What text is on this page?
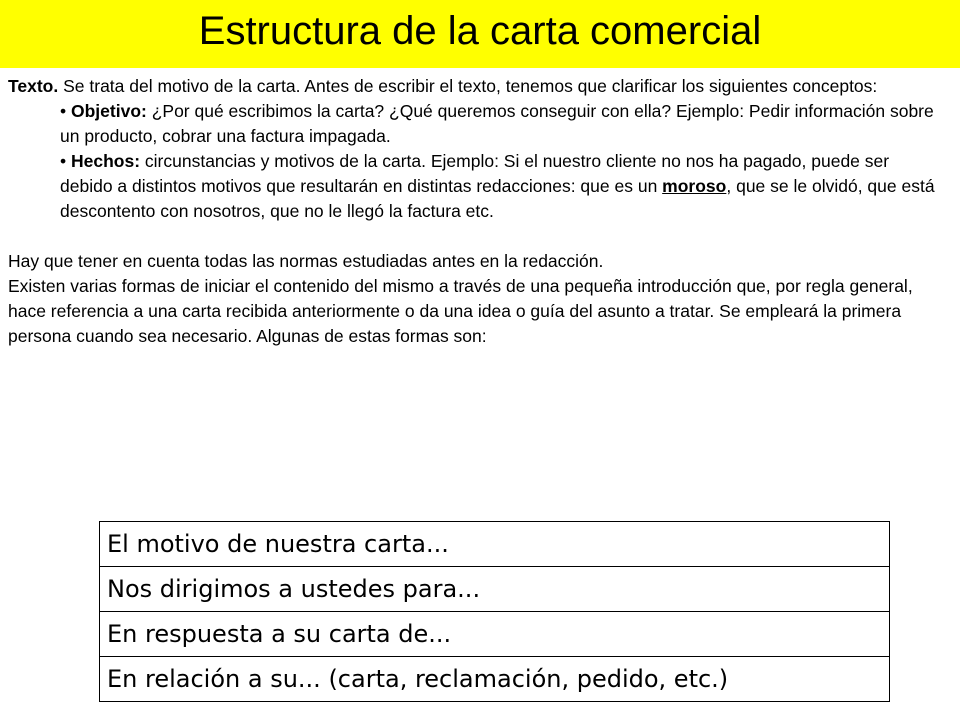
Estructura de la carta comercial

Texto. Se trata del motivo de la carta. Antes de escribir el texto, tenemos que clarificar los siguientes conceptos:

• Objetivo: ¿Por qué escribimos la carta? ¿Qué queremos conseguir con ella? Ejemplo: Pedir información sobre un producto, cobrar una factura impagada.
• Hechos: circunstancias y motivos de la carta. Ejemplo: Si el nuestro cliente no nos ha pagado, puede ser debido a distintos motivos que resultarán en distintas redacciones: que es un moroso, que se le olvidó, que está descontento con nosotros, que no le llegó la factura etc.

Hay que tener en cuenta todas las normas estudiadas antes en la redacción.

Existen varias formas de iniciar el contenido del mismo a través de una pequeña introducción que, por regla general, hace referencia a una carta recibida anteriormente o da una idea o guía del asunto a tratar. Se empleará la primera persona cuando sea necesario. Algunas de estas formas son:

El motivo de nuestra carta...
Nos dirigimos a ustedes para...
En respuesta a su carta de...
En relación a su... (carta, reclamación, pedido, etc.)
